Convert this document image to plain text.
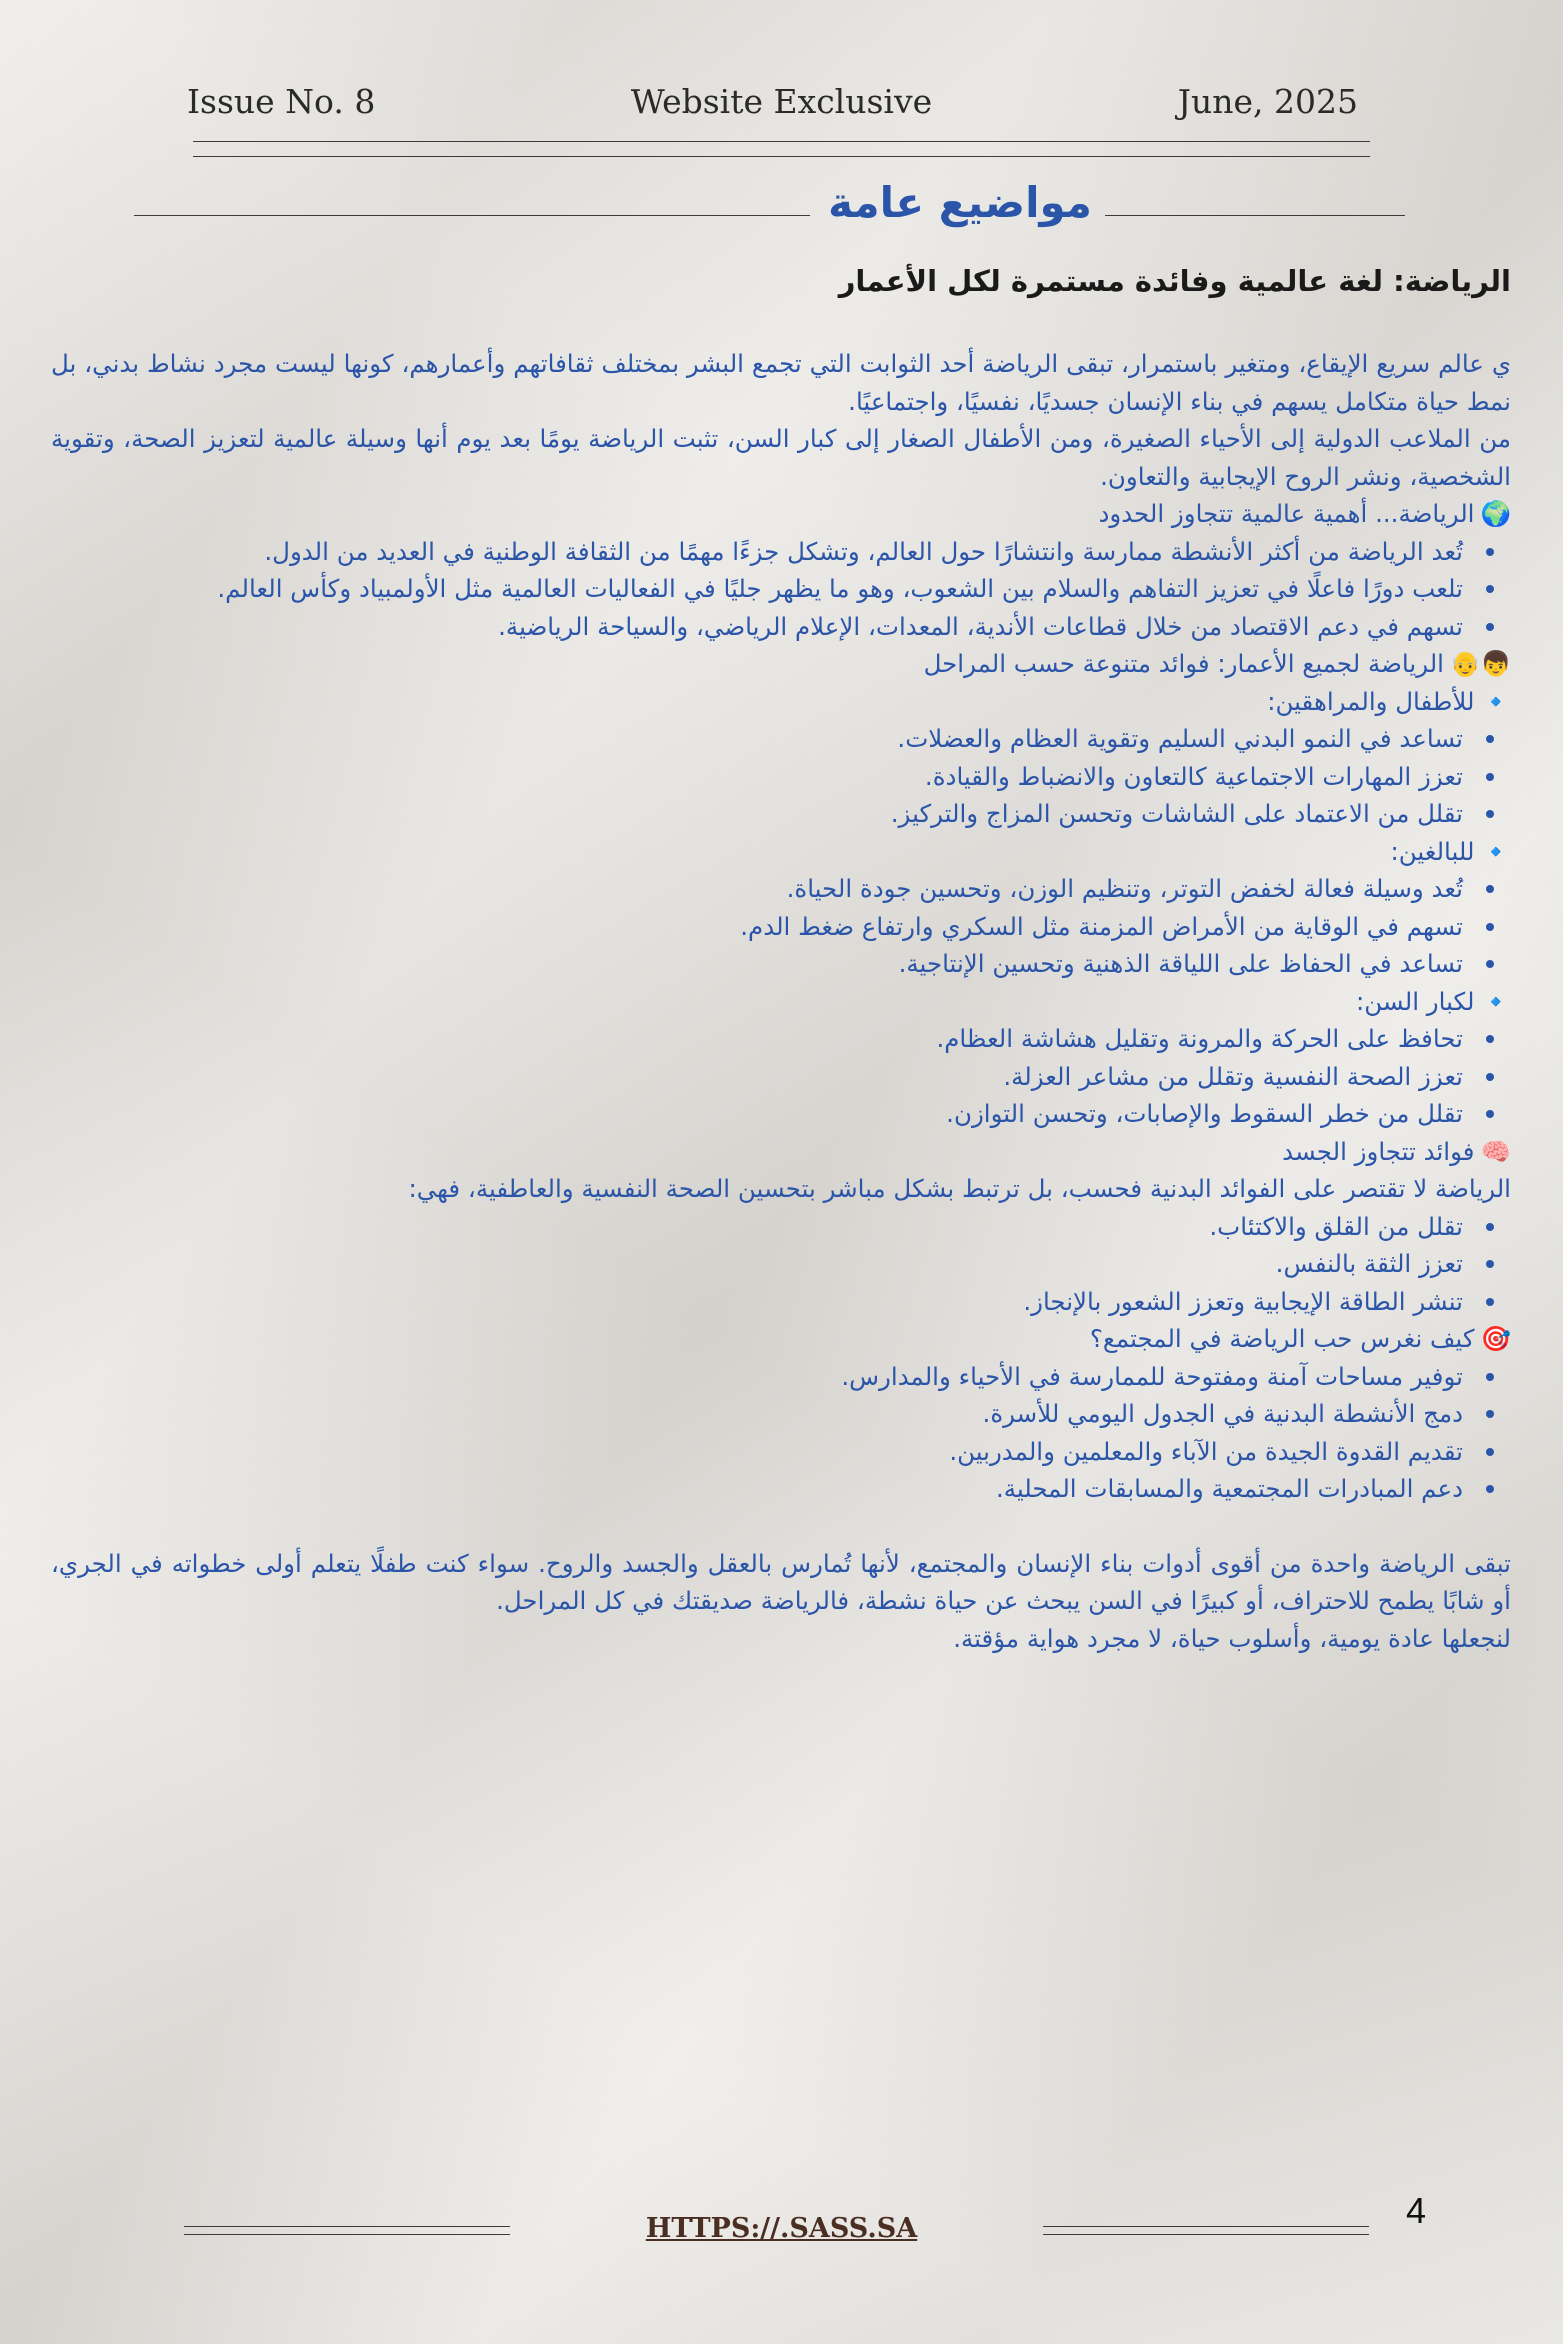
Issue No. 8	Website Exclusive	June, 2025
مواضيع عامة
الرياضة: لغة عالمية وفائدة مستمرة لكل الأعمار

ي عالم سريع الإيقاع، ومتغير باستمرار، تبقى الرياضة أحد الثوابت التي تجمع البشر بمختلف ثقافاتهم وأعمارهم، كونها ليست مجرد نشاط بدني، بل نمط حياة متكامل يسهم في بناء الإنسان جسديًا، نفسيًا، واجتماعيًا.

من الملاعب الدولية إلى الأحياء الصغيرة، ومن الأطفال الصغار إلى كبار السن، تثبت الرياضة يومًا بعد يوم أنها وسيلة عالمية لتعزيز الصحة، وتقوية الشخصية، ونشر الروح الإيجابية والتعاون.

🌍الرياضة... أهمية عالمية تتجاوز الحدود
تُعد الرياضة من أكثر الأنشطة ممارسة وانتشارًا حول العالم، وتشكل جزءًا مهمًا من الثقافة الوطنية في العديد من الدول.
تلعب دورًا فاعلًا في تعزيز التفاهم والسلام بين الشعوب، وهو ما يظهر جليًا في الفعاليات العالمية مثل الأولمبياد وكأس العالم.
تسهم في دعم الاقتصاد من خلال قطاعات الأندية، المعدات، الإعلام الرياضي، والسياحة الرياضية.
👦👴الرياضة لجميع الأعمار: فوائد متنوعة حسب المراحل
🔹للأطفال والمراهقين:
تساعد في النمو البدني السليم وتقوية العظام والعضلات.
تعزز المهارات الاجتماعية كالتعاون والانضباط والقيادة.
تقلل من الاعتماد على الشاشات وتحسن المزاج والتركيز.
🔹للبالغين:
تُعد وسيلة فعالة لخفض التوتر، وتنظيم الوزن، وتحسين جودة الحياة.
تسهم في الوقاية من الأمراض المزمنة مثل السكري وارتفاع ضغط الدم.
تساعد في الحفاظ على اللياقة الذهنية وتحسين الإنتاجية.
🔹لكبار السن:
تحافظ على الحركة والمرونة وتقليل هشاشة العظام.
تعزز الصحة النفسية وتقلل من مشاعر العزلة.
تقلل من خطر السقوط والإصابات، وتحسن التوازن.
🧠فوائد تتجاوز الجسد

الرياضة لا تقتصر على الفوائد البدنية فحسب، بل ترتبط بشكل مباشر بتحسين الصحة النفسية والعاطفية، فهي:

تقلل من القلق والاكتئاب.
تعزز الثقة بالنفس.
تنشر الطاقة الإيجابية وتعزز الشعور بالإنجاز.
🎯كيف نغرس حب الرياضة في المجتمع؟
توفير مساحات آمنة ومفتوحة للممارسة في الأحياء والمدارس.
دمج الأنشطة البدنية في الجدول اليومي للأسرة.
تقديم القدوة الجيدة من الآباء والمعلمين والمدربين.
دعم المبادرات المجتمعية والمسابقات المحلية.

تبقى الرياضة واحدة من أقوى أدوات بناء الإنسان والمجتمع، لأنها تُمارس بالعقل والجسد والروح. سواء كنت طفلًا يتعلم أولى خطواته في الجري، أو شابًا يطمح للاحتراف، أو كبيرًا في السن يبحث عن حياة نشطة، فالرياضة صديقتك في كل المراحل.

لنجعلها عادة يومية، وأسلوب حياة، لا مجرد هواية مؤقتة.

HTTPS://.SASS.SA	4
